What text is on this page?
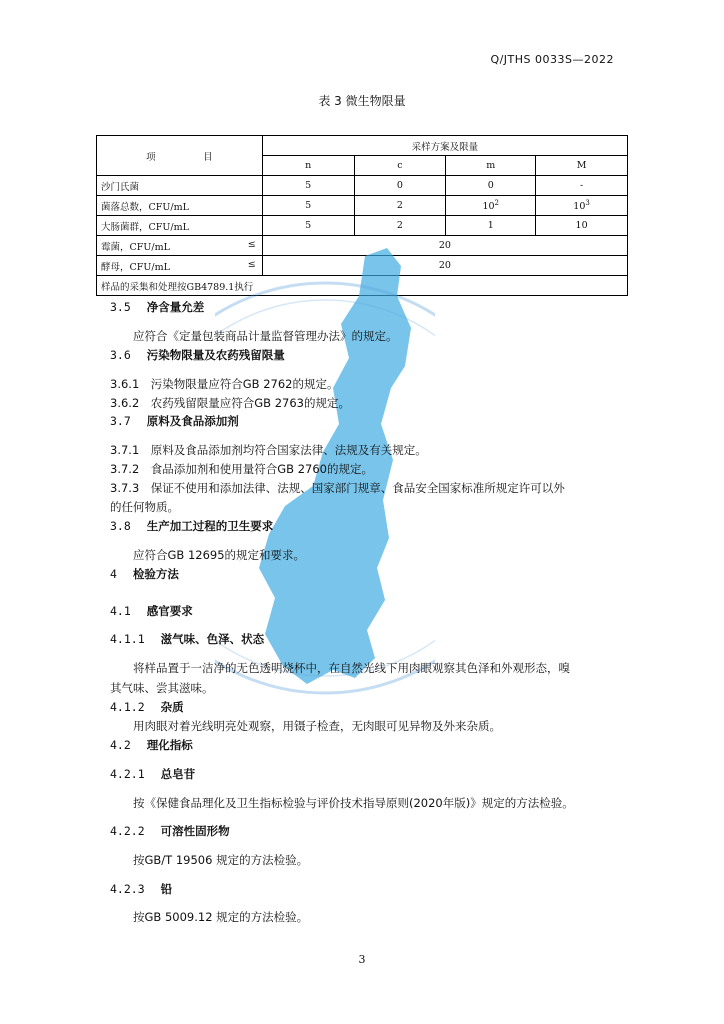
Q/JTHS 0033S—2022
表 3 微生物限量
项　　　　　目	采样方案及限量			
	n	c	m	M
沙门氏菌	5	0	0	-
菌落总数，CFU/mL	5	2	$10^2$	$10^3$
大肠菌群，CFU/mL	5	2	1	10
霉菌，CFU/mL ≤	20			
酵母，CFU/mL ≤	20			
样品的采集和处理按GB4789.1执行				
3.5 净含量允差
应符合《定量包装商品计量监督管理办法》的规定。
3.6 污染物限量及农药残留限量
3.6.1　污染物限量应符合GB 2762的规定。
3.6.2　农药残留限量应符合GB 2763的规定。
3.7 原料及食品添加剂
3.7.1　原料及食品添加剂均符合国家法律、法规及有关规定。
3.7.2　食品添加剂和使用量符合GB 2760的规定。
3.7.3　保证不使用和添加法律、法规、国家部门规章、食品安全国家标准所规定许可以外
的任何物质。
3.8 生产加工过程的卫生要求
应符合GB 12695的规定和要求。
4 检验方法
4.1 感官要求
4.1.1 滋气味、色泽、状态
将样品置于一洁净的无色透明烧杯中，在自然光线下用肉眼观察其色泽和外观形态，嗅
其气味、尝其滋味。
4.1.2 杂质
用肉眼对着光线明亮处观察，用镊子检查，无肉眼可见异物及外来杂质。
4.2 理化指标
4.2.1 总皂苷
按《保健食品理化及卫生指标检验与评价技术指导原则(2020年版)》规定的方法检验。
4.2.2 可溶性固形物
按GB/T 19506 规定的方法检验。
4.2.3 铅
按GB 5009.12 规定的方法检验。
3
